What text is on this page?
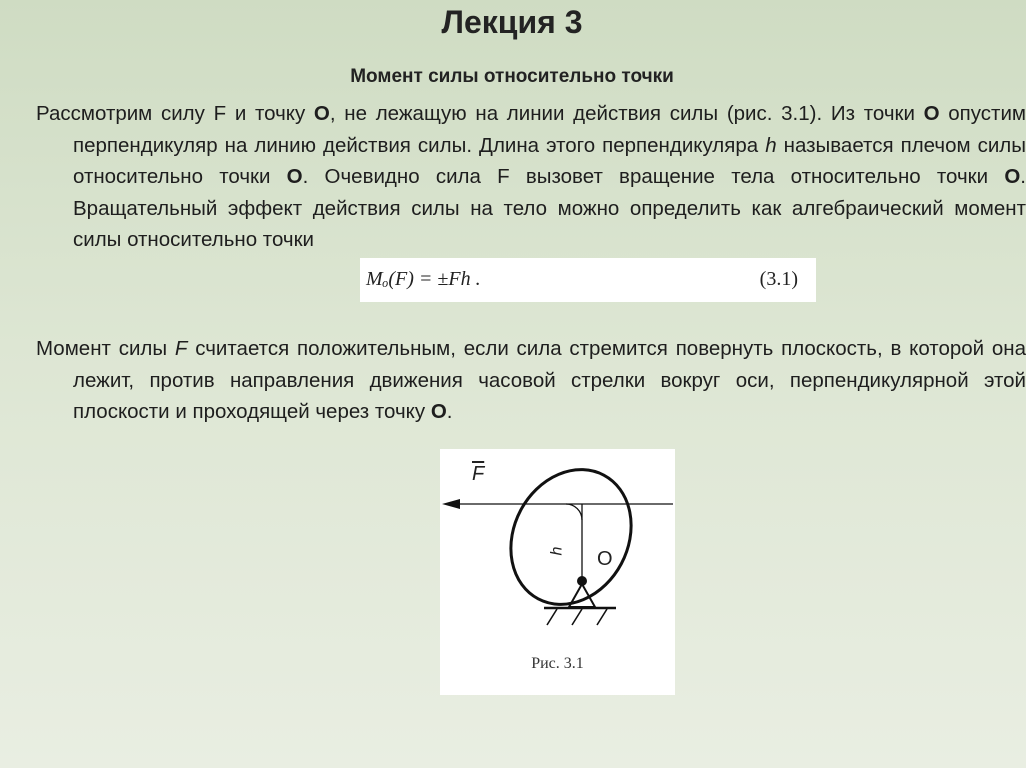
Лекция 3
Момент силы относительно точки
Рассмотрим силу F и точку О, не лежащую на линии действия силы (рис. 3.1). Из точки О опустим перпендикуляр на линию действия силы. Длина этого перпендикуляра h называется плечом силы относительно точки О. Очевидно сила F вызовет вращение тела относительно точки О. Вращательный эффект действия силы на тело можно определить как алгебраический момент силы относительно точки
Mₒ(F) = ±Fh .	(3.1)
Момент силы F считается положительным, если сила стремится повернуть плоскость, в которой она лежит, против направления движения часовой стрелки вокруг оси, перпендикулярной этой плоскости и проходящей через точку О.
$\overline{F}$
h O
Рис. 3.1
